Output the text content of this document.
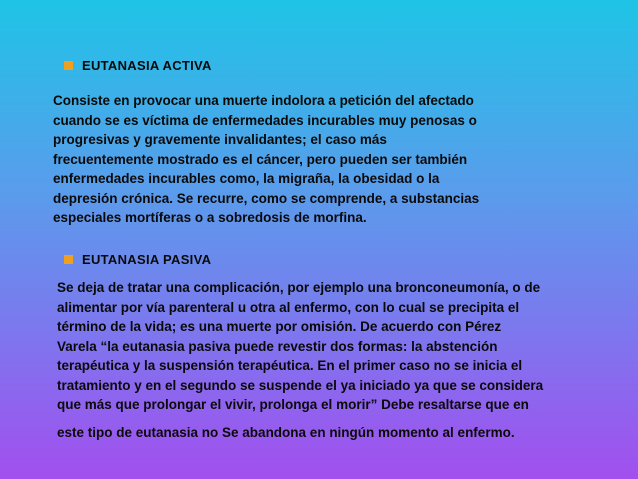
EUTANASIA ACTIVA
Consiste en provocar una muerte indolora a petición del afectado
cuando se es víctima de enfermedades incurables muy penosas o
progresivas y gravemente invalidantes; el caso más
frecuentemente mostrado es el cáncer, pero pueden ser también
enfermedades incurables como, la migraña, la obesidad o la
depresión crónica. Se recurre, como se comprende, a substancias
especiales mortíferas o a sobredosis de morfina.
EUTANASIA PASIVA
Se deja de tratar una complicación, por ejemplo una bronconeumonía, o de
alimentar por vía parenteral u otra al enfermo, con lo cual se precipita el
término de la vida; es una muerte por omisión. De acuerdo con Pérez
Varela “la eutanasia pasiva puede revestir dos formas: la abstención
terapéutica y la suspensión terapéutica. En el primer caso no se inicia el
tratamiento y en el segundo se suspende el ya iniciado ya que se considera
que más que prolongar el vivir, prolonga el morir” Debe resaltarse que en
este tipo de eutanasia no Se abandona en ningún momento al enfermo.
